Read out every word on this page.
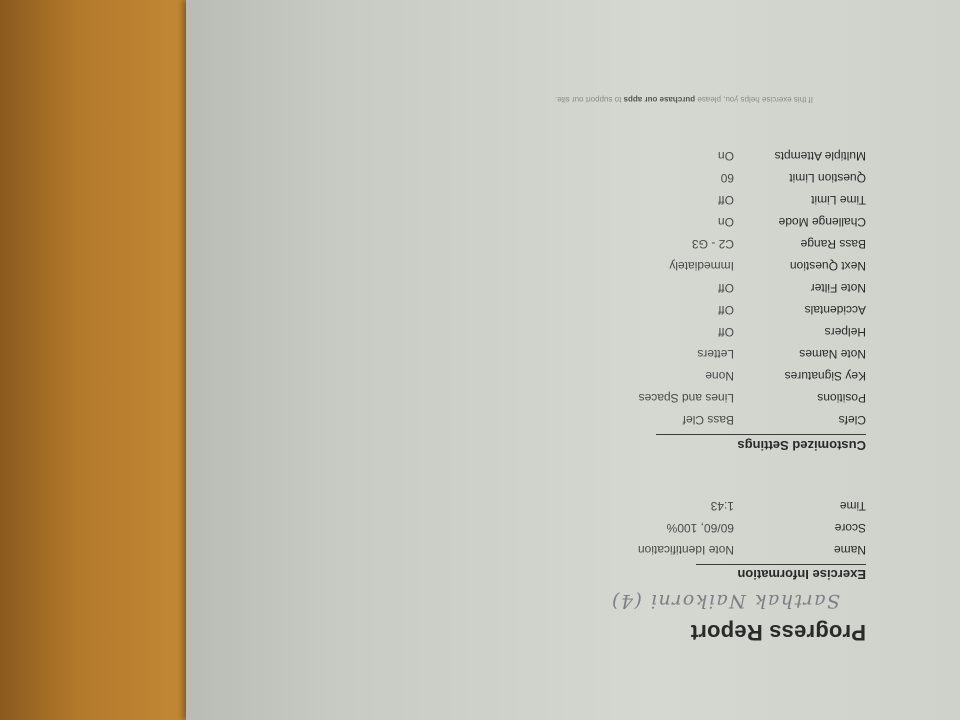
Progress Report
Sarthak Naikorni (4)
Exercise Information
Name
Note Identification
Score
60/60, 100%
Time
1:43
Customized Settings
Clefs
Bass Clef
Positions
Lines and Spaces
Key Signatures
None
Note Names
Letters
Helpers
Off
Accidentals
Off
Note Filter
Off
Next Question
Immediately
Bass Range
C2 - G3
Challenge Mode
On
Time Limit
Off
Question Limit
60
Multiple Attempts
On
If this exercise helps you, please purchase our apps to support our site.
